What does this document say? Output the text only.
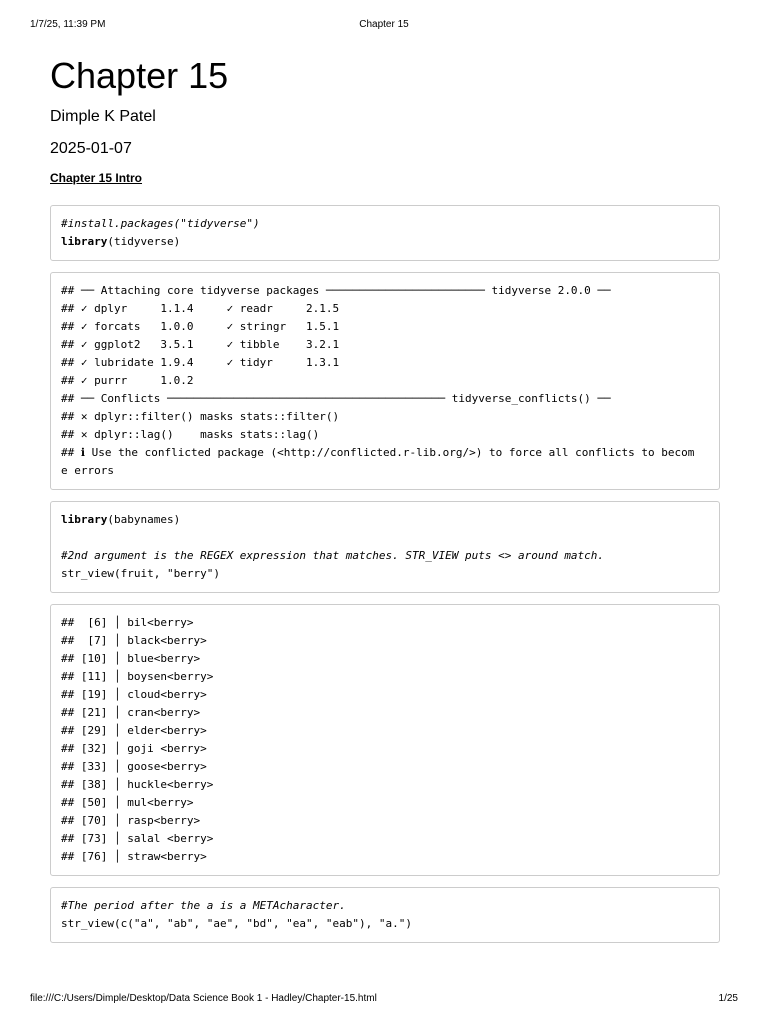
1/7/25, 11:39 PM	Chapter 15
Chapter 15
Dimple K Patel
2025-01-07
Chapter 15 Intro
#install.packages("tidyverse")
library(tidyverse)
## ── Attaching core tidyverse packages ──────────────────────── tidyverse 2.0.0 ──
## ✓ dplyr     1.1.4     ✓ readr     2.1.5
## ✓ forcats   1.0.0     ✓ stringr   1.5.1
## ✓ ggplot2   3.5.1     ✓ tibble    3.2.1
## ✓ lubridate 1.9.4     ✓ tidyr     1.3.1
## ✓ purrr     1.0.2
## ── Conflicts ────────────────────────────────────────── tidyverse_conflicts() ──
## ✕ dplyr::filter() masks stats::filter()
## ✕ dplyr::lag()    masks stats::lag()
## ℹ Use the conflicted package (<http://conflicted.r-lib.org/>) to force all conflicts to becom
e errors
library(babynames)
#2nd argument is the REGEX expression that matches. STR_VIEW puts <> around match.
str_view(fruit, "berry")
##  [6] │ bil<berry>
##  [7] │ black<berry>
## [10] │ blue<berry>
## [11] │ boysen<berry>
## [19] │ cloud<berry>
## [21] │ cran<berry>
## [29] │ elder<berry>
## [32] │ goji <berry>
## [33] │ goose<berry>
## [38] │ huckle<berry>
## [50] │ mul<berry>
## [70] │ rasp<berry>
## [73] │ salal <berry>
## [76] │ straw<berry>
#The period after the a is a METAcharacter.
str_view(c("a", "ab", "ae", "bd", "ea", "eab"), "a.")
file:///C:/Users/Dimple/Desktop/Data Science Book 1 - Hadley/Chapter-15.html	1/25
